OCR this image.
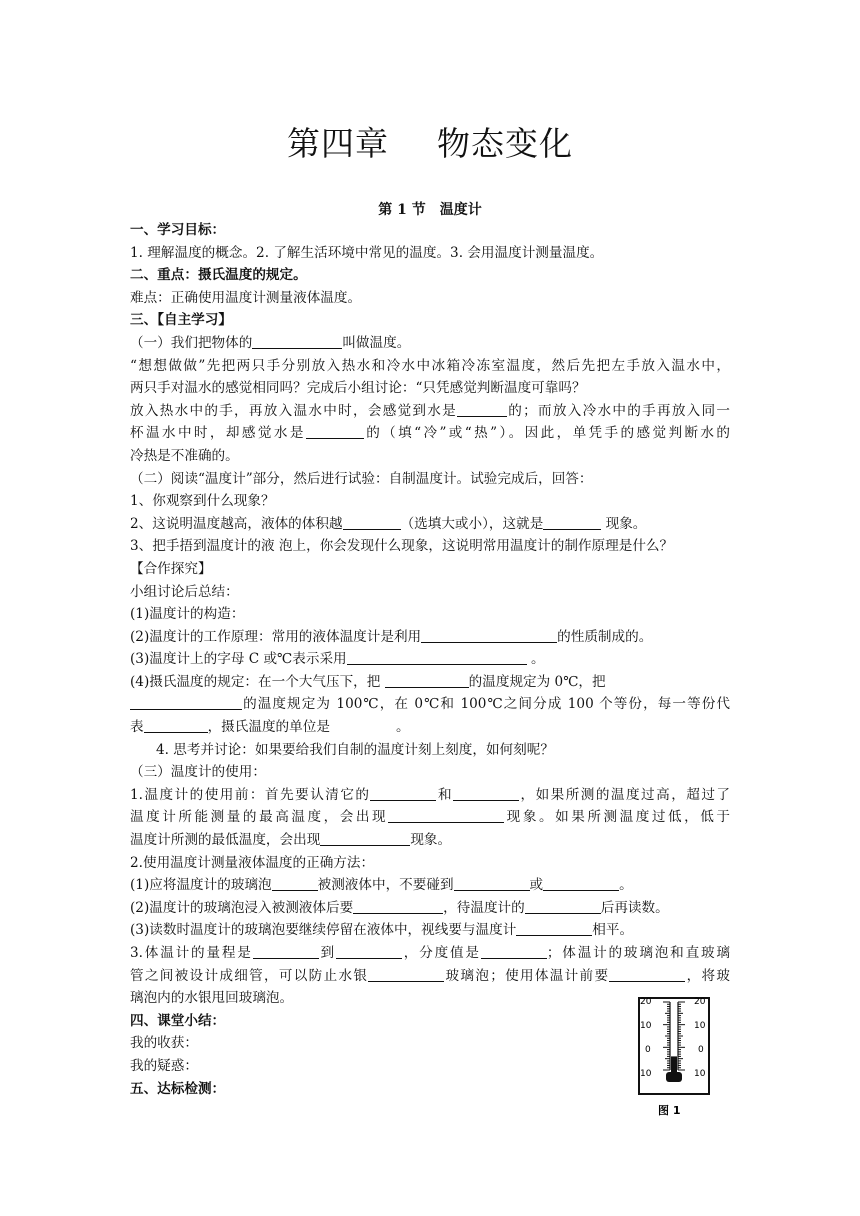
第四章 物态变化
第 1 节 温度计
一、学习目标：
1. 理解温度的概念。2. 了解生活环境中常见的温度。3. 会用温度计测量温度。
二、重点：摄氏温度的规定。
难点：正确使用温度计测量液体温度。
三、【自主学习】
（一）我们把物体的	叫做温度。
“想想做做”先把两只手分别放入热水和冷水中冰箱冷冻室温度，然后先把左手放入温水中，
两只手对温水的感觉相同吗？完成后小组讨论：“只凭感觉判断温度可靠吗？
放入热水中的手，再放入温水中时，会感觉到水是	的；而放入冷水中的手再放入同一
杯温水中时，却感觉水是	的（填“冷”或“热”）。因此，单凭手的感觉判断水的
冷热是不准确的。
（二）阅读“温度计”部分，然后进行试验：自制温度计。试验完成后，回答：
1、你观察到什么现象？
2、这说明温度越高，液体的体积越	（选填大或小），这就是	现象。
3、把手捂到温度计的液 泡上，你会发现什么现象，这说明常用温度计的制作原理是什么？
【合作探究】
小组讨论后总结：
(1)温度计的构造：
(2)温度计的工作原理：常用的液体温度计是利用	的性质制成的。
(3)温度计上的字母 C 或℃表示采用	。
(4)摄氏温度的规定：在一个大气压下，把	的温度规定为 0℃，把
的温度规定为 100℃，在 0℃和 100℃之间分成 100 个等份，每一等份代
表	，摄氏温度的单位是	。
4. 思考并讨论：如果要给我们自制的温度计刻上刻度，如何刻呢？
（三）温度计的使用：
1.温度计的使用前：首先要认清它的	和	，如果所测的温度过高，超过了
温度计所能测量的最高温度，会出现	现象。如果所测温度过低，低于
温度计所测的最低温度，会出现	现象。
2.使用温度计测量液体温度的正确方法：
(1)应将温度计的玻璃泡	被测液体中，不要碰到	或	。
(2)温度计的玻璃泡浸入被测液体后要	，待温度计的	后再读数。
(3)读数时温度计的玻璃泡要继续停留在液体中，视线要与温度计	相平。
3.体温计的量程是	到	，分度值是	；体温计的玻璃泡和直玻璃
管之间被设计成细管，可以防止水银	玻璃泡；使用体温计前要	，将玻
璃泡内的水银甩回玻璃泡。
四、课堂小结：
我的收获：
我的疑惑：
五、达标检测：
20
10
0
10
20
10
0
10
图 1
